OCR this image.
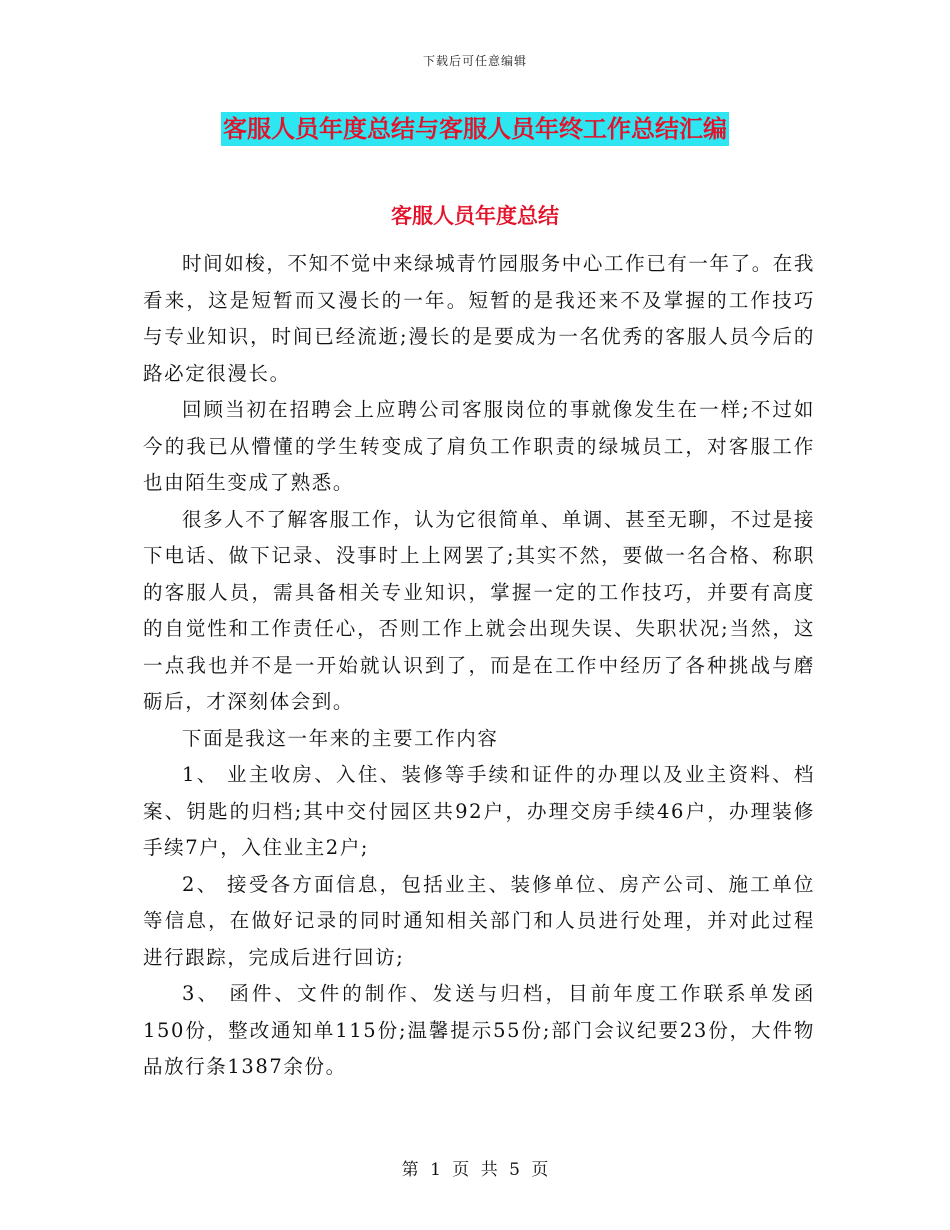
下载后可任意编辑
客服人员年度总结与客服人员年终工作总结汇编
客服人员年度总结

时间如梭，不知不觉中来绿城青竹园服务中心工作已有一年了。在我看来，这是短暂而又漫长的一年。短暂的是我还来不及掌握的工作技巧与专业知识，时间已经流逝;漫长的是要成为一名优秀的客服人员今后的路必定很漫长。

回顾当初在招聘会上应聘公司客服岗位的事就像发生在一样;不过如今的我已从懵懂的学生转变成了肩负工作职责的绿城员工，对客服工作也由陌生变成了熟悉。

很多人不了解客服工作，认为它很简单、单调、甚至无聊，不过是接下电话、做下记录、没事时上上网罢了;其实不然，要做一名合格、称职的客服人员，需具备相关专业知识，掌握一定的工作技巧，并要有高度的自觉性和工作责任心，否则工作上就会出现失误、失职状况;当然，这一点我也并不是一开始就认识到了，而是在工作中经历了各种挑战与磨砺后，才深刻体会到。

下面是我这一年来的主要工作内容

1、 业主收房、入住、装修等手续和证件的办理以及业主资料、档案、钥匙的归档;其中交付园区共92户，办理交房手续46户，办理装修手续7户，入住业主2户;

2、 接受各方面信息，包括业主、装修单位、房产公司、施工单位等信息，在做好记录的同时通知相关部门和人员进行处理，并对此过程进行跟踪，完成后进行回访;

3、 函件、文件的制作、发送与归档，目前年度工作联系单发函150份，整改通知单115份;温馨提示55份;部门会议纪要23份，大件物品放行条1387余份。

第 1 页 共 5 页
